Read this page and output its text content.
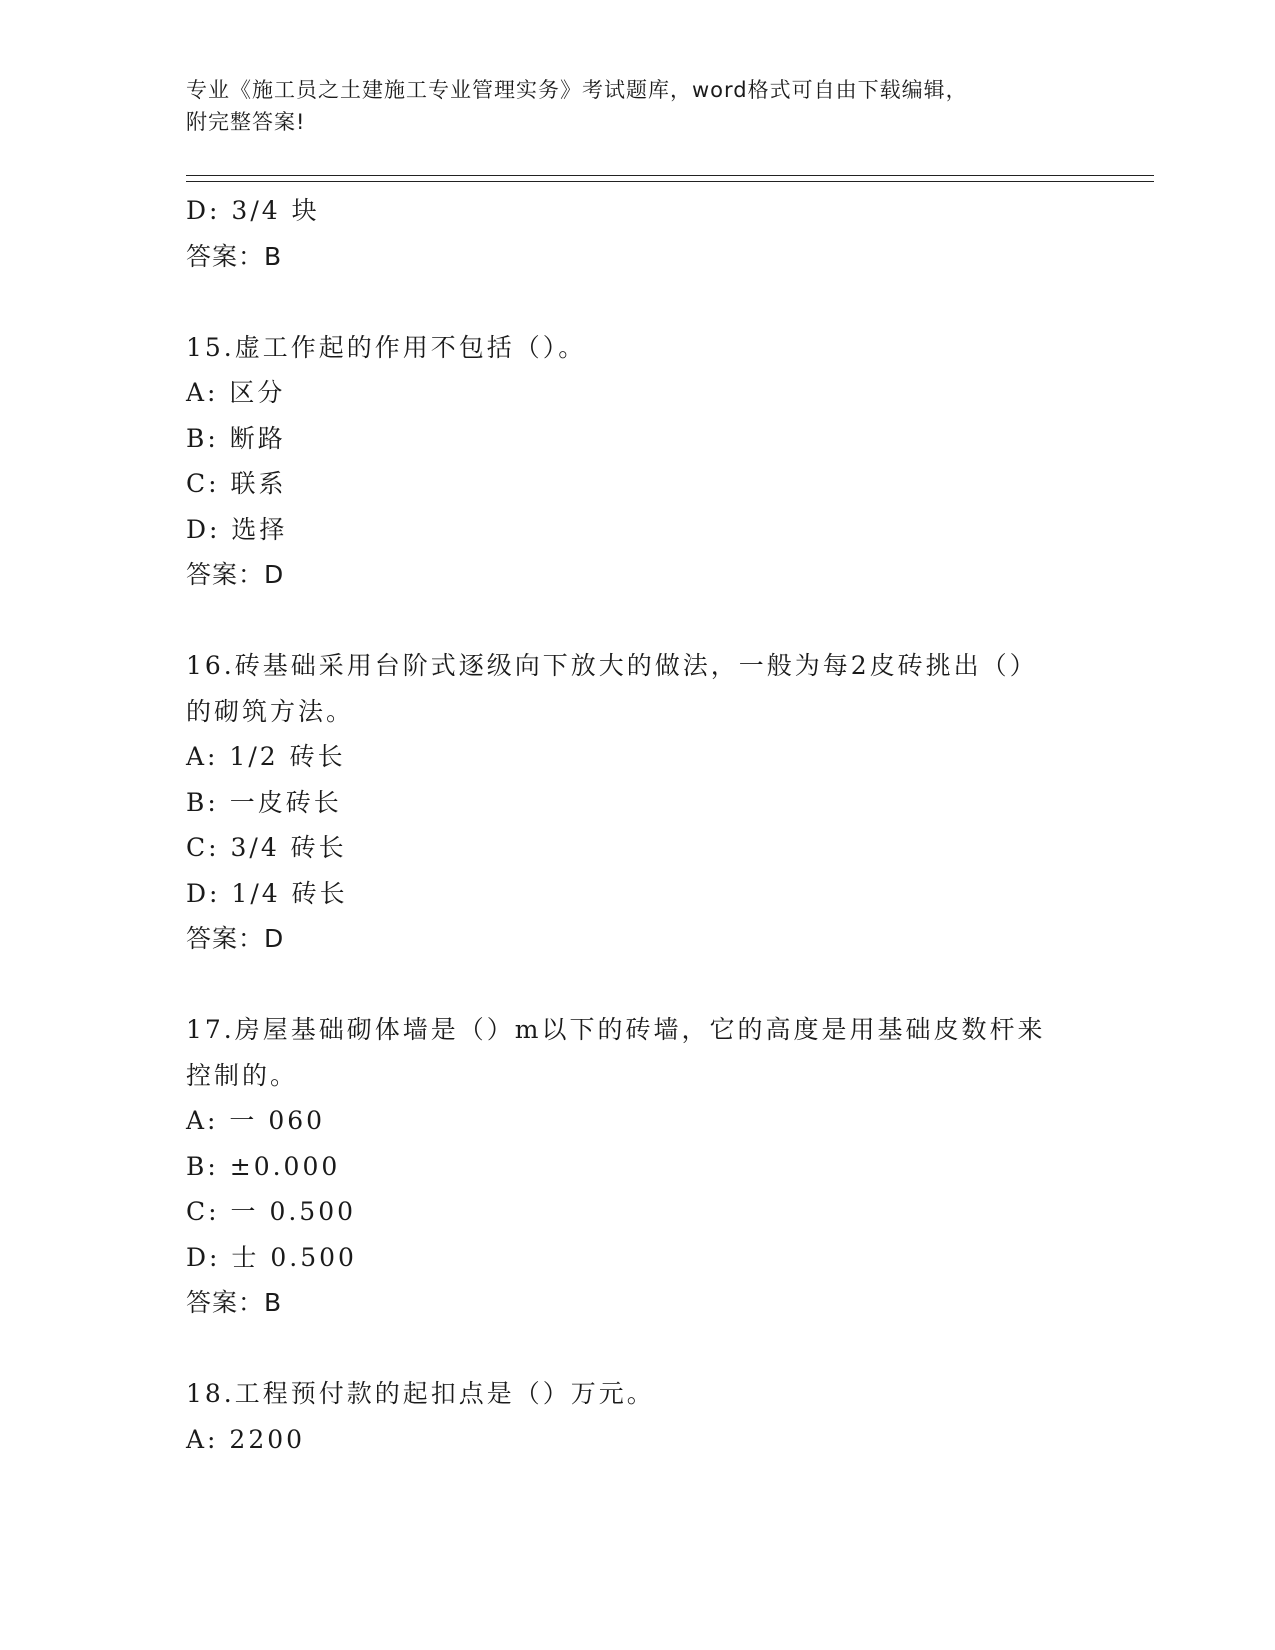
专业《施工员之土建施工专业管理实务》考试题库，word格式可自由下载编辑，
附完整答案!
D: 3/4 块
答案：B
15.虚工作起的作用不包括（）。
A: 区分
B: 断路
C: 联系
D: 选择
答案：D
16.砖基础采用台阶式逐级向下放大的做法，一般为每2皮砖挑出（）
的砌筑方法。
A: 1/2 砖长
B: 一皮砖长
C: 3/4 砖长
D: 1/4 砖长
答案：D
17.房屋基础砌体墙是（）m以下的砖墙，它的高度是用基础皮数杆来
控制的。
A: 一 060
B: ±0.000
C: 一 0.500
D: 士 0.500
答案：B
18.工程预付款的起扣点是（）万元。
A: 2200
